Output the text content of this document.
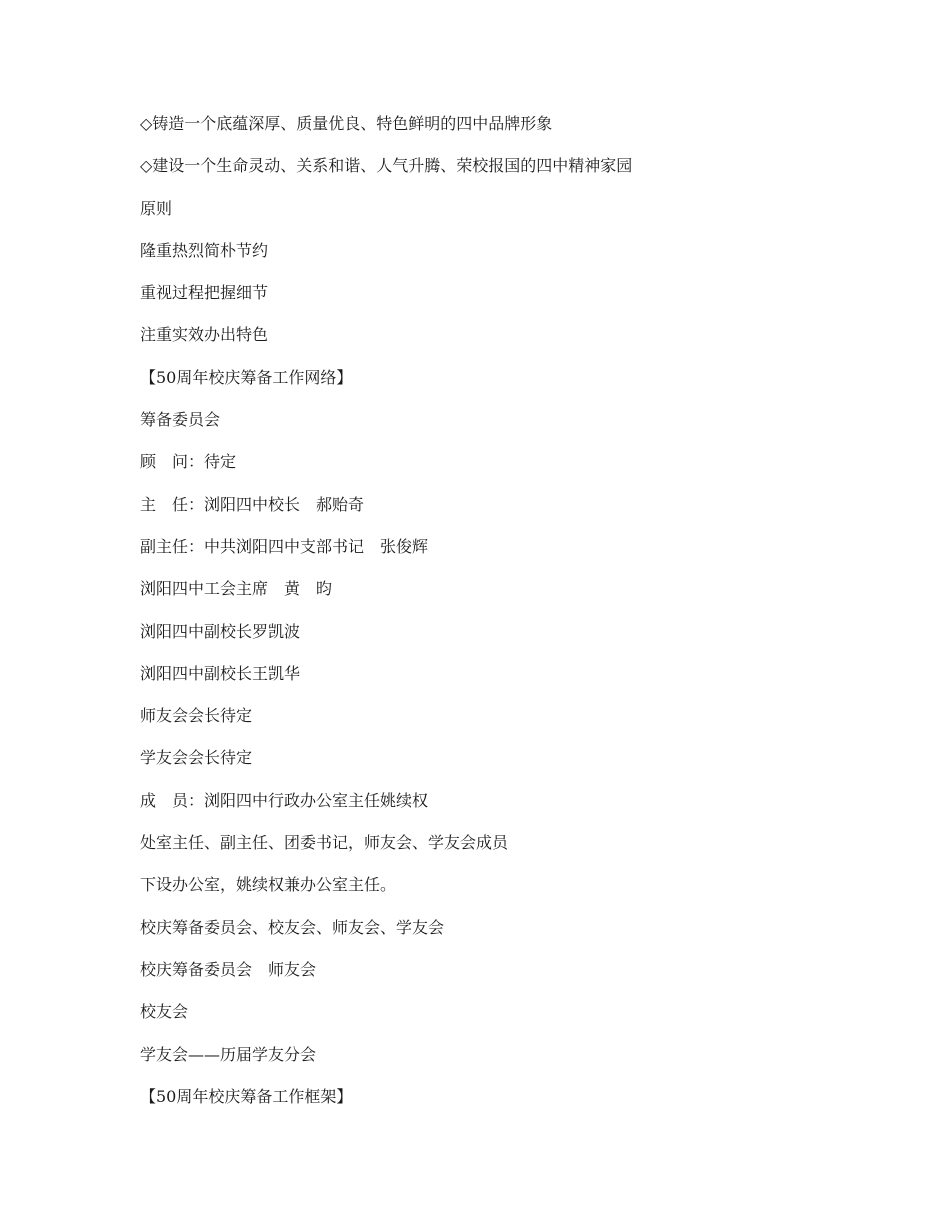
◇铸造一个底蕴深厚、质量优良、特色鲜明的四中品牌形象

◇建设一个生命灵动、关系和谐、人气升腾、荣校报国的四中精神家园

原则

隆重热烈简朴节约

重视过程把握细节

注重实效办出特色

【50周年校庆筹备工作网络】

筹备委员会

顾　问：待定

主　任：浏阳四中校长　郝贻奇

副主任：中共浏阳四中支部书记　张俊辉

浏阳四中工会主席　黄　昀

浏阳四中副校长罗凯波

浏阳四中副校长王凯华

师友会会长待定

学友会会长待定

成　员：浏阳四中行政办公室主任姚续权

处室主任、副主任、团委书记，师友会、学友会成员

下设办公室，姚续权兼办公室主任。

校庆筹备委员会、校友会、师友会、学友会

校庆筹备委员会　师友会

校友会

学友会——历届学友分会

【50周年校庆筹备工作框架】
